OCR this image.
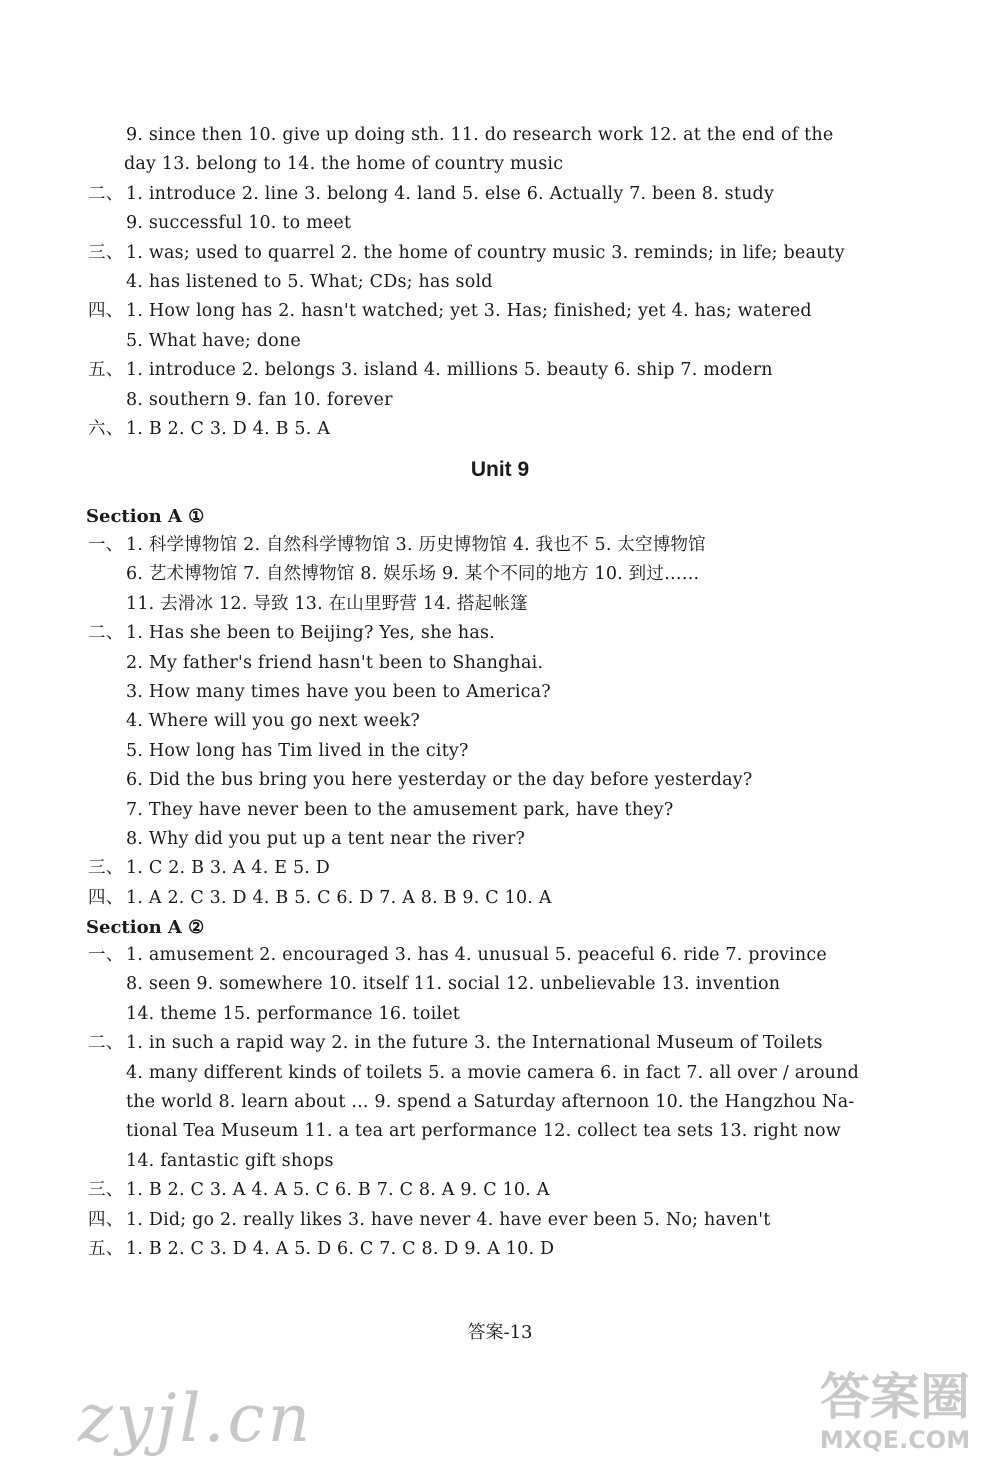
9. since then 10. give up doing sth. 11. do research work 12. at the end of the
day 13. belong to 14. the home of country music
二、 1. introduce 2. line 3. belong 4. land 5. else 6. Actually 7. been 8. study
9. successful 10. to meet
三、 1. was; used to quarrel 2. the home of country music 3. reminds; in life; beauty
4. has listened to 5. What; CDs; has sold
四、 1. How long has 2. hasn't watched; yet 3. Has; finished; yet 4. has; watered
5. What have; done
五、 1. introduce 2. belongs 3. island 4. millions 5. beauty 6. ship 7. modern
8. southern 9. fan 10. forever
六、 1. B 2. C 3. D 4. B 5. A
Unit 9
Section A ①
一、 1. 科学博物馆 2. 自然科学博物馆 3. 历史博物馆 4. 我也不 5. 太空博物馆
6. 艺术博物馆 7. 自然博物馆 8. 娱乐场 9. 某个不同的地方 10. 到过……
11. 去滑冰 12. 导致 13. 在山里野营 14. 搭起帐篷
二、 1. Has she been to Beijing? Yes, she has.
2. My father's friend hasn't been to Shanghai.
3. How many times have you been to America?
4. Where will you go next week?
5. How long has Tim lived in the city?
6. Did the bus bring you here yesterday or the day before yesterday?
7. They have never been to the amusement park, have they?
8. Why did you put up a tent near the river?
三、 1. C 2. B 3. A 4. E 5. D
四、 1. A 2. C 3. D 4. B 5. C 6. D 7. A 8. B 9. C 10. A
Section A ②
一、 1. amusement 2. encouraged 3. has 4. unusual 5. peaceful 6. ride 7. province
8. seen 9. somewhere 10. itself 11. social 12. unbelievable 13. invention
14. theme 15. performance 16. toilet
二、 1. in such a rapid way 2. in the future 3. the International Museum of Toilets
4. many different kinds of toilets 5. a movie camera 6. in fact 7. all over / around
the world 8. learn about ... 9. spend a Saturday afternoon 10. the Hangzhou Na-
tional Tea Museum 11. a tea art performance 12. collect tea sets 13. right now
14. fantastic gift shops
三、 1. B 2. C 3. A 4. A 5. C 6. B 7. C 8. A 9. C 10. A
四、 1. Did; go 2. really likes 3. have never 4. have ever been 5. No; haven't
五、 1. B 2. C 3. D 4. A 5. D 6. C 7. C 8. D 9. A 10. D
答案-13
zyjl.cn	答案圈
MXQE.COM
